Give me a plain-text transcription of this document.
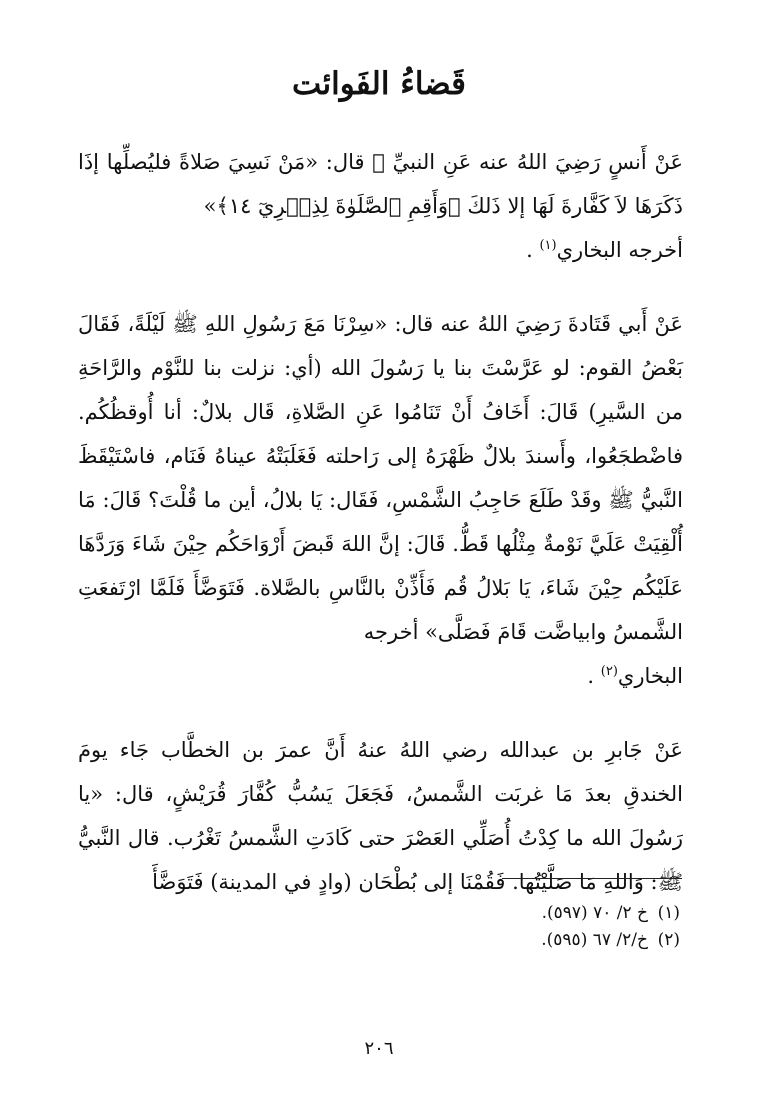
قَضاءُ الفَوائت

عَنْ أَنسٍ رَضِيَ اللهُ عنه عَنِ النبيِّ ﷺ قال: «مَنْ نَسِيَ صَلاةً فليُصلِّها إذَا ذَكَرَهَا لاَ كَفَّارةَ لَهَا إلا ذَلكَ ﴿وَأَقِمِ ٱلصَّلَوٰةَ لِذِكۡرِيٓ ١٤﴾»
أخرجه البخاري$^{(١)}$ .

عَنْ أَبي قَتَادةَ رَضِيَ اللهُ عنه قال: «سِرْنَا مَعَ رَسُولِ اللهِ ﷺ لَيْلَةً، فَقَالَ بَعْضُ القوم: لو عَرَّسْتَ بنا يا رَسُولَ الله (أي: نزلت بنا للنَّوْم والرَّاحَةِ من السَّيرِ) قَالَ: أَخَافُ أَنْ تَنَامُوا عَنِ الصَّلاةِ، قَال بلالٌ: أنا أُوقظُكُم. فاضْطجَعُوا، وأَسندَ بلالٌ ظَهْرَهُ إلى رَاحلته فَغَلَبَتْهُ عيناهُ فَنَام، فاسْتَيْقَظَ النَّبيُّ ﷺ وقَدْ طَلَعَ حَاجِبُ الشَّمْسِ، فَقَال: يَا بلالُ، أين ما قُلْتَ؟ قَالَ: مَا أُلْقِيَتْ عَلَيَّ نَوْمةٌ مِثْلُها قَطُّ. قَالَ: إنَّ اللهَ قَبضَ أَرْوَاحَكُم حِيْنَ شَاءَ وَرَدَّهَا عَلَيْكُم حِيْنَ شَاءَ، يَا بَلالُ قُم فَأَذِّنْ بالنَّاسِ بالصَّلاة. فَتَوَضَّأَ فَلَمَّا ارْتَفعَتِ الشَّمسُ وابياضَّت قَامَ فَصَلَّى» أخرجه
البخاري$^{(٢)}$ .

عَنْ جَابرِ بن عبدالله رضي اللهُ عنهُ أَنَّ عمرَ بن الخطَّاب جَاء يومَ الخندقِ بعدَ مَا غربَت الشَّمسُ، فَجَعَلَ يَسُبُّ كُفَّارَ قُرَيْشٍ، قال: «يا رَسُولَ الله ما كِدْتُ أُصَلِّي العَصْرَ حتى كَادَتِ الشَّمسُ تَغْرُب. قال النَّبيُّ ﷺ: وَاللهِ مَا صَلَّيْتُها. فَقُمْنَا إلى بُطْحَان (وادٍ في المدينة) فَتَوَضَّأَ

(١)
خ ٢/ ٧٠ (٥٩٧).
(٢)
خ/٢/ ٦٧ (٥٩٥).
٢٠٦
